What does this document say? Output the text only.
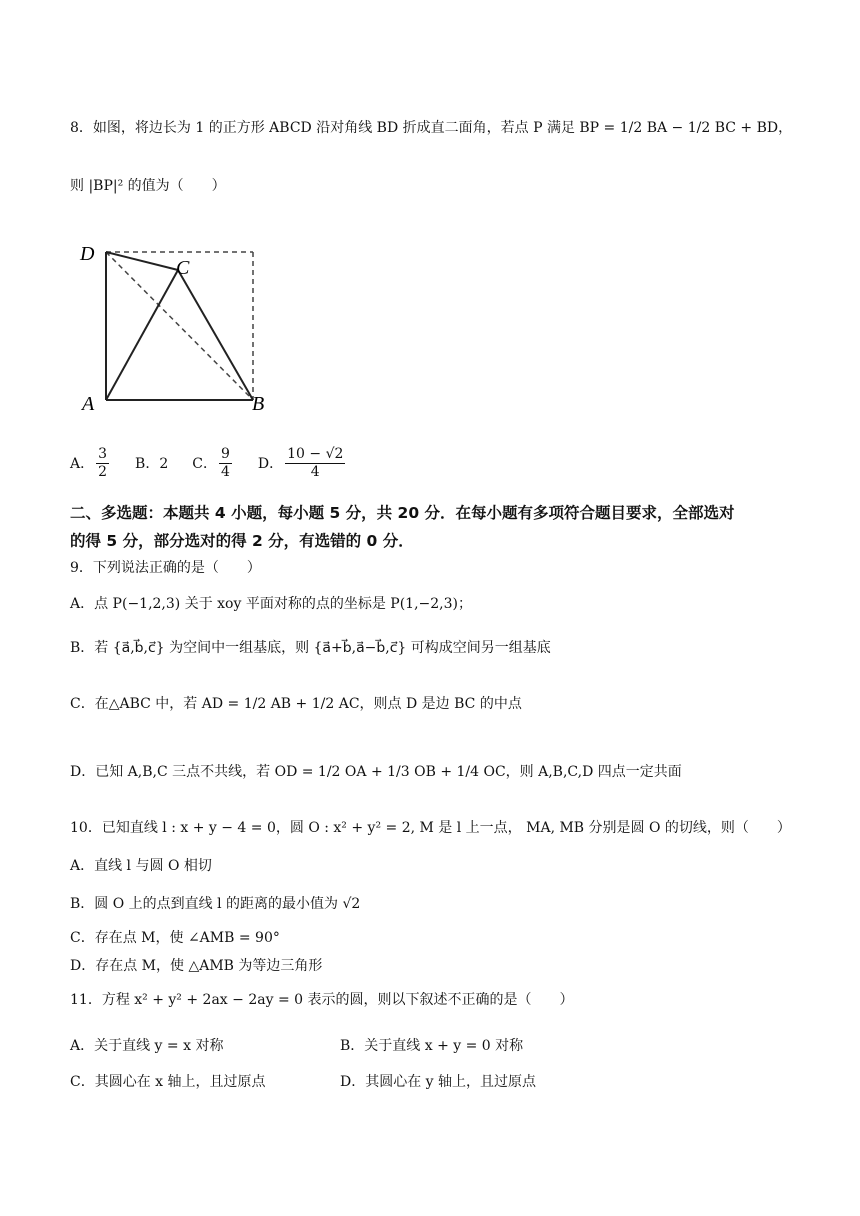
8．如图，将边长为 1 的正方形 ABCD 沿对角线 BD 折成直二面角，若点 P 满足 BP = 1/2 BA − 1/2 BC + BD，
则 |BP|² 的值为（　　）
D
C
A	B
A． $\frac{3}{2}$ B．2 C． $\frac{9}{4}$ D． $\frac{10 - √2}{4}$
二、多选题：本题共 4 小题，每小题 5 分，共 20 分．在每小题有多项符合题目要求，全部选对
的得 5 分，部分选对的得 2 分，有选错的 0 分．
9．下列说法正确的是（　　）
A．点 P(−1,2,3) 关于 xoy 平面对称的点的坐标是 P(1,−2,3)；
B．若 {a⃗,b⃗,c⃗} 为空间中一组基底，则 {a⃗+b⃗,a⃗−b⃗,c⃗} 可构成空间另一组基底
C．在△ABC 中，若 AD = 1/2 AB + 1/2 AC，则点 D 是边 BC 的中点
D．已知 A,B,C 三点不共线，若 OD = 1/2 OA + 1/3 OB + 1/4 OC，则 A,B,C,D 四点一定共面
10．已知直线 l : x + y − 4 = 0，圆 O : x² + y² = 2, M 是 l 上一点， MA, MB 分别是圆 O 的切线，则（　　）
A．直线 l 与圆 O 相切
B．圆 O 上的点到直线 l 的距离的最小值为 √2
C．存在点 M，使 ∠AMB = 90°
D．存在点 M，使 △AMB 为等边三角形
11．方程 x² + y² + 2ax − 2ay = 0 表示的圆，则以下叙述不正确的是（　　）
A．关于直线 y = x 对称	B．关于直线 x + y = 0 对称
C．其圆心在 x 轴上，且过原点	D．其圆心在 y 轴上，且过原点
